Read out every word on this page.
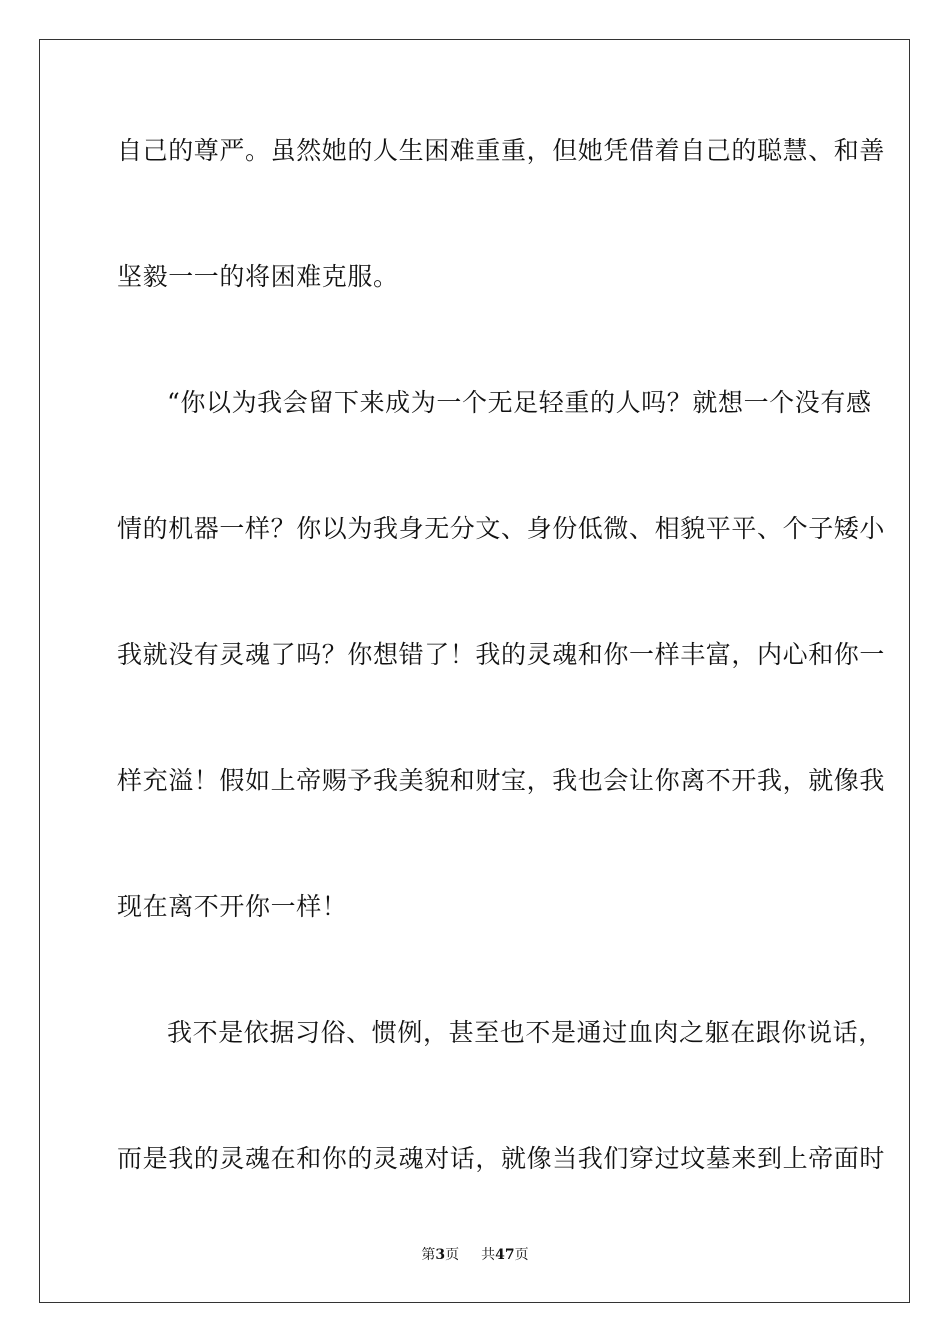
自己的尊严。虽然她的人生困难重重，但她凭借着自己的聪慧、和善
坚毅一一的将困难克服。
“你以为我会留下来成为一个无足轻重的人吗？就想一个没有感
情的机器一样？你以为我身无分文、身份低微、相貌平平、个子矮小
我就没有灵魂了吗？你想错了！我的灵魂和你一样丰富，内心和你一
样充溢！假如上帝赐予我美貌和财宝，我也会让你离不开我，就像我
现在离不开你一样！
我不是依据习俗、惯例，甚至也不是通过血肉之躯在跟你说话，
而是我的灵魂在和你的灵魂对话，就像当我们穿过坟墓来到上帝面时
第3页 共47页
